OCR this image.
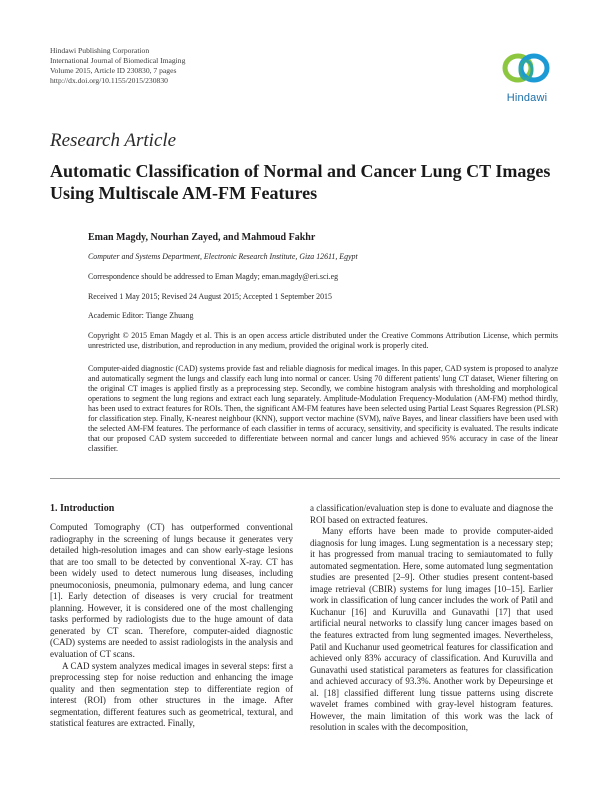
Hindawi Publishing Corporation
International Journal of Biomedical Imaging
Volume 2015, Article ID 230830, 7 pages
http://dx.doi.org/10.1155/2015/230830
Hindawi
Research Article
Automatic Classification of Normal and Cancer Lung CT Images
Using Multiscale AM-FM Features
Eman Magdy, Nourhan Zayed, and Mahmoud Fakhr
Computer and Systems Department, Electronic Research Institute, Giza 12611, Egypt
Correspondence should be addressed to Eman Magdy; eman.magdy@eri.sci.eg
Received 1 May 2015; Revised 24 August 2015; Accepted 1 September 2015
Academic Editor: Tiange Zhuang
Copyright © 2015 Eman Magdy et al. This is an open access article distributed under the Creative Commons Attribution License, which permits unrestricted use, distribution, and reproduction in any medium, provided the original work is properly cited.
Computer-aided diagnostic (CAD) systems provide fast and reliable diagnosis for medical images. In this paper, CAD system is proposed to analyze and automatically segment the lungs and classify each lung into normal or cancer. Using 70 different patients' lung CT dataset, Wiener filtering on the original CT images is applied firstly as a preprocessing step. Secondly, we combine histogram analysis with thresholding and morphological operations to segment the lung regions and extract each lung separately. Amplitude-Modulation Frequency-Modulation (AM-FM) method thirdly, has been used to extract features for ROIs. Then, the significant AM-FM features have been selected using Partial Least Squares Regression (PLSR) for classification step. Finally, K-nearest neighbour (KNN), support vector machine (SVM), naïve Bayes, and linear classifiers have been used with the selected AM-FM features. The performance of each classifier in terms of accuracy, sensitivity, and specificity is evaluated. The results indicate that our proposed CAD system succeeded to differentiate between normal and cancer lungs and achieved 95% accuracy in case of the linear classifier.
1. Introduction

Computed Tomography (CT) has outperformed conventional radiography in the screening of lungs because it generates very detailed high-resolution images and can show early-stage lesions that are too small to be detected by conventional X-ray. CT has been widely used to detect numerous lung diseases, including pneumoconiosis, pneumonia, pulmonary edema, and lung cancer [1]. Early detection of diseases is very crucial for treatment planning. However, it is considered one of the most challenging tasks performed by radiologists due to the huge amount of data generated by CT scan. Therefore, computer-aided diagnostic (CAD) systems are needed to assist radiologists in the analysis and evaluation of CT scans.

A CAD system analyzes medical images in several steps: first a preprocessing step for noise reduction and enhancing the image quality and then segmentation step to differentiate region of interest (ROI) from other structures in the image. After segmentation, different features such as geometrical, textural, and statistical features are extracted. Finally,

a classification/evaluation step is done to evaluate and diagnose the ROI based on extracted features.

Many efforts have been made to provide computer-aided diagnosis for lung images. Lung segmentation is a necessary step; it has progressed from manual tracing to semiautomated to fully automated segmentation. Here, some automated lung segmentation studies are presented [2–9]. Other studies present content-based image retrieval (CBIR) systems for lung images [10–15]. Earlier work in classification of lung cancer includes the work of Patil and Kuchanur [16] and Kuruvilla and Gunavathi [17] that used artificial neural networks to classify lung cancer images based on the features extracted from lung segmented images. Nevertheless, Patil and Kuchanur used geometrical features for classification and achieved only 83% accuracy of classification. And Kuruvilla and Gunavathi used statistical parameters as features for classification and achieved accuracy of 93.3%. Another work by Depeursinge et al. [18] classified different lung tissue patterns using discrete wavelet frames combined with gray-level histogram features. However, the main limitation of this work was the lack of resolution in scales with the decomposition,
